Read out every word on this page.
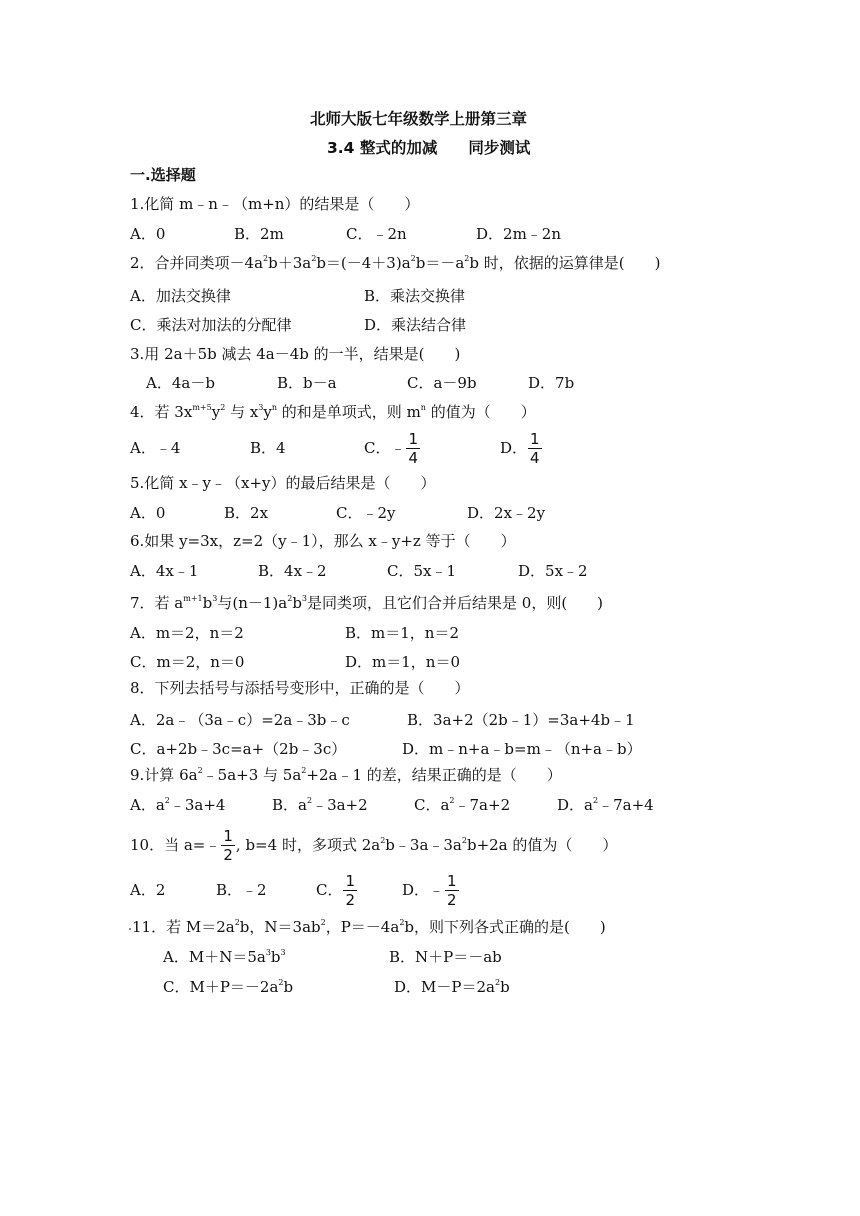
北师大版七年级数学上册第三章
3.4 整式的加减　　同步测试
一.选择题
1.化简 m﹣n﹣（m+n）的结果是（　　）
A．0	B．2m	C．﹣2n	D．2m﹣2n
2．合并同类项$-4a^2b+3a^2b=(-4+3)a^2b=-a^2b$ 时，依据的运算律是(　　)
A．加法交换律	B．乘法交换律
C．乘法对加法的分配律	D．乘法结合律
3.用 2a＋5b 减去 4a－4b 的一半，结果是(　　)
A．4a－b	B．b－a	C．a－9b	D．7b
4．若 $3x^{m+5}y^2$ 与 $x^3y^n$ 的和是单项式，则 $m^n$ 的值为（　　）
A．﹣4	B．4	C．﹣ $\frac{1}{4}$	D． $\frac{1}{4}$
5.化简 x﹣y﹣（x+y）的最后结果是（　　）
A．0	B．2x	C．﹣2y	D．2x﹣2y
6.如果 y=3x，z=2（y﹣1），那么 x﹣y+z 等于（　　）
A．4x﹣1	B．4x﹣2	C．5x﹣1	D．5x﹣2
7．若 $a^{m+1}b^3$与$(n-1)a^2b^3$是同类项，且它们合并后结果是 0，则(　　)
A．m＝2，n＝2	B．m＝1，n＝2
C．m＝2，n＝0	D．m＝1，n＝0
8．下列去括号与添括号变形中，正确的是（　　）
A．2a﹣（3a﹣c）=2a﹣3b﹣c	B．3a+2（2b﹣1）=3a+4b﹣1
C．a+2b﹣3c=a+（2b﹣3c）	D．m﹣n+a﹣b=m﹣（n+a﹣b）
9.计算 $6a^2﹣5a+3$ 与 $5a^2+2a﹣1$ 的差，结果正确的是（　　）
A．$a^2﹣3a+4$	B．$a^2﹣3a+2$	C．$a^2﹣7a+2$	D．$a^2﹣7a+4$
10．当 a=﹣ $\frac{1}{2}$ , b=4 时，多项式 $2a^2b﹣3a﹣3a^2b+2a$ 的值为（　　）
A．2	B．﹣2	C． $\frac{1}{2}$	D．﹣ $\frac{1}{2}$
11．若 $M=2a^2b$，$N=3ab^2$，$P=-4a^2b$，则下列各式正确的是(　　)
A．$M+N=5a^3b^3$	B．N＋P＝－ab
C．$M+P=-2a^2b$	D．$M-P=2a^2b$
